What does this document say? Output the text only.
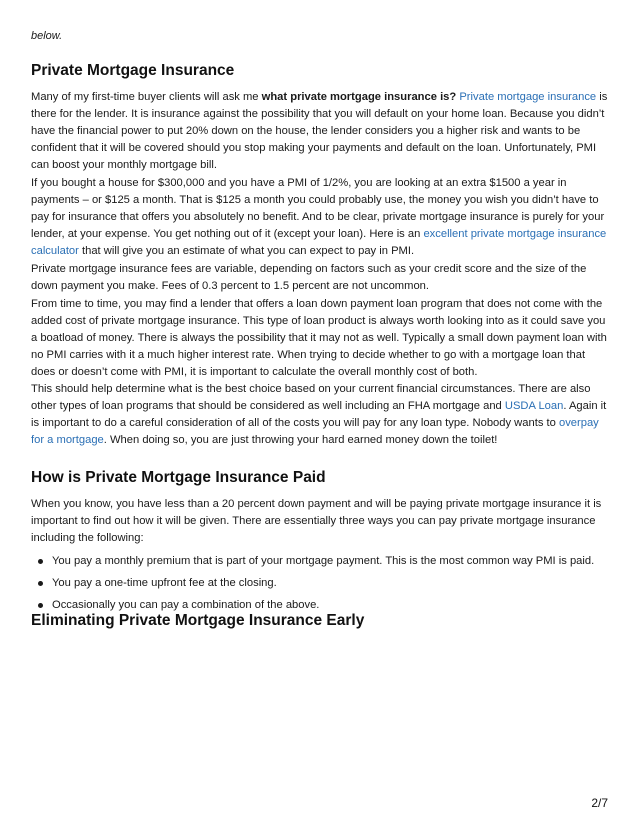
below.

Private Mortgage Insurance

Many of my first-time buyer clients will ask me what private mortgage insurance is? Private mortgage insurance is there for the lender. It is insurance against the possibility that you will default on your home loan. Because you didn’t have the financial power to put 20% down on the house, the lender considers you a higher risk and wants to be confident that it will be covered should you stop making your payments and default on the loan. Unfortunately, PMI can boost your monthly mortgage bill.

If you bought a house for $300,000 and you have a PMI of 1/2%, you are looking at an extra $1500 a year in payments – or $125 a month. That is $125 a month you could probably use, the money you wish you didn’t have to pay for insurance that offers you absolutely no benefit. And to be clear, private mortgage insurance is purely for your lender, at your expense. You get nothing out of it (except your loan). Here is an excellent private mortgage insurance calculator that will give you an estimate of what you can expect to pay in PMI.

Private mortgage insurance fees are variable, depending on factors such as your credit score and the size of the down payment you make. Fees of 0.3 percent to 1.5 percent are not uncommon.

From time to time, you may find a lender that offers a loan down payment loan program that does not come with the added cost of private mortgage insurance. This type of loan product is always worth looking into as it could save you a boatload of money. There is always the possibility that it may not as well. Typically a small down payment loan with no PMI carries with it a much higher interest rate. When trying to decide whether to go with a mortgage loan that does or doesn’t come with PMI, it is important to calculate the overall monthly cost of both.

This should help determine what is the best choice based on your current financial circumstances. There are also other types of loan programs that should be considered as well including an FHA mortgage and USDA Loan. Again it is important to do a careful consideration of all of the costs you will pay for any loan type. Nobody wants to overpay for a mortgage. When doing so, you are just throwing your hard earned money down the toilet!

How is Private Mortgage Insurance Paid

When you know, you have less than a 20 percent down payment and will be paying private mortgage insurance it is important to find out how it will be given. There are essentially three ways you can pay private mortgage insurance including the following:

You pay a monthly premium that is part of your mortgage payment. This is the most common way PMI is paid.
You pay a one-time upfront fee at the closing.
Occasionally you can pay a combination of the above.
Eliminating Private Mortgage Insurance Early
2/7
